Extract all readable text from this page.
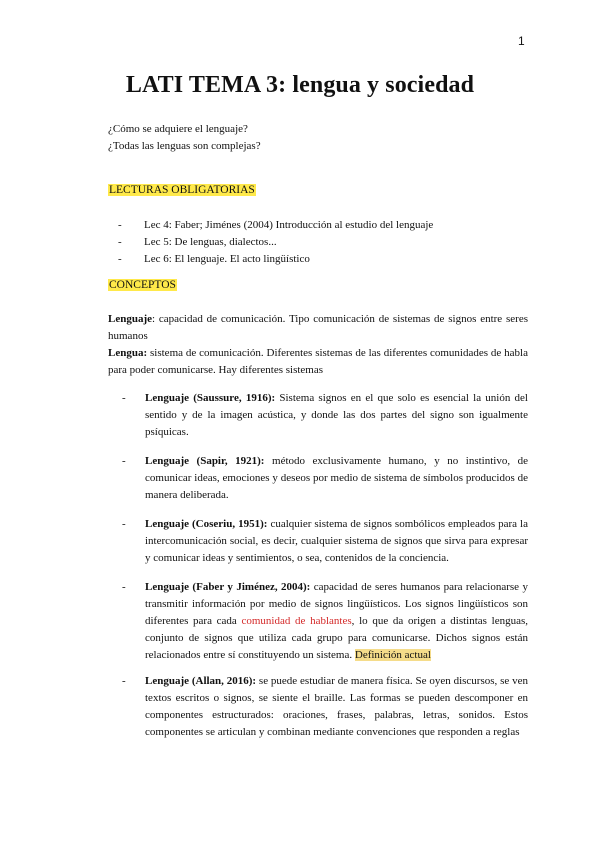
1
LATI TEMA 3: lengua y sociedad
¿Cómo se adquiere el lenguaje?
¿Todas las lenguas son complejas?
LECTURAS OBLIGATORIAS
- Lec 4: Faber; Jiménes (2004) Introducción al estudio del lenguaje
- Lec 5: De lenguas, dialectos...
- Lec 6: El lenguaje. El acto lingüístico
CONCEPTOS

Lenguaje: capacidad de comunicación. Tipo comunicación de sistemas de signos entre seres humanos

Lengua: sistema de comunicación. Diferentes sistemas de las diferentes comunidades de habla para poder comunicarse. Hay diferentes sistemas

- Lenguaje (Saussure, 1916): Sistema signos en el que solo es esencial la unión del sentido y de la imagen acústica, y donde las dos partes del signo son igualmente psíquicas.
- Lenguaje (Sapir, 1921): método exclusivamente humano, y no instintivo, de comunicar ideas, emociones y deseos por medio de sistema de símbolos producidos de manera deliberada.
- Lenguaje (Coseriu, 1951): cualquier sistema de signos sombólicos empleados para la intercomunicación social, es decir, cualquier sistema de signos que sirva para expresar y comunicar ideas y sentimientos, o sea, contenidos de la conciencia.
- Lenguaje (Faber y Jiménez, 2004): capacidad de seres humanos para relacionarse y transmitir información por medio de signos lingüísticos. Los signos lingüísticos son diferentes para cada comunidad de hablantes, lo que da origen a distintas lenguas, conjunto de signos que utiliza cada grupo para comunicarse. Dichos signos están relacionados entre sí constituyendo un sistema. Definición actual
- Lenguaje (Allan, 2016): se puede estudiar de manera física. Se oyen discursos, se ven textos escritos o signos, se siente el braille. Las formas se pueden descomponer en componentes estructurados: oraciones, frases, palabras, letras, sonidos. Estos componentes se articulan y combinan mediante convenciones que responden a reglas
